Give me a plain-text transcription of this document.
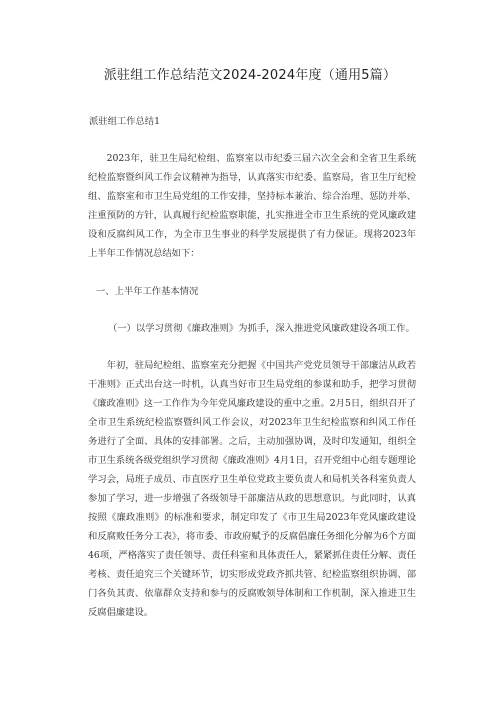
派驻组工作总结范文2024-2024年度（通用5篇）

派驻组工作总结1

2023年，驻卫生局纪检组、监察室以市纪委三届六次全会和全省卫生系统纪检监察暨纠风工作会议精神为指导，认真落实市纪委、监察局，省卫生厅纪检组、监察室和市卫生局党组的工作安排，坚持标本兼治、综合治理、惩防并举、注重预防的方针，认真履行纪检监察职能，扎实推进全市卫生系统的党风廉政建设和反腐纠风工作，为全市卫生事业的科学发展提供了有力保证。现将2023年上半年工作情况总结如下：

一、上半年工作基本情况

（一）以学习贯彻《廉政准则》为抓手，深入推进党风廉政建设各项工作。

年初，驻局纪检组、监察室充分把握《中国共产党党员领导干部廉洁从政若干准则》正式出台这一时机，认真当好市卫生局党组的参谋和助手，把学习贯彻《廉政准则》这一工作作为今年党风廉政建设的重中之重。2月5日，组织召开了全市卫生系统纪检监察暨纠风工作会议，对2023年卫生纪检监察和纠风工作任务进行了全面、具体的安排部署。之后，主动加强协调，及时印发通知，组织全市卫生系统各级党组织学习贯彻《廉政准则》4月1日，召开党组中心组专题理论学习会，局班子成员、市直医疗卫生单位党政主要负责人和局机关各科室负责人参加了学习，进一步增强了各级领导干部廉洁从政的思想意识。与此同时，认真按照《廉政准则》的标准和要求，制定印发了《市卫生局2023年党风廉政建设和反腐败任务分工表》，将市委、市政府赋予的反腐倡廉任务细化分解为6个方面46项，严格落实了责任领导、责任科室和具体责任人，紧紧抓住责任分解、责任考核、责任追究三个关键环节，切实形成党政齐抓共管、纪检监察组织协调、部门各负其责、依靠群众支持和参与的反腐败领导体制和工作机制，深入推进卫生反腐倡廉建设。
